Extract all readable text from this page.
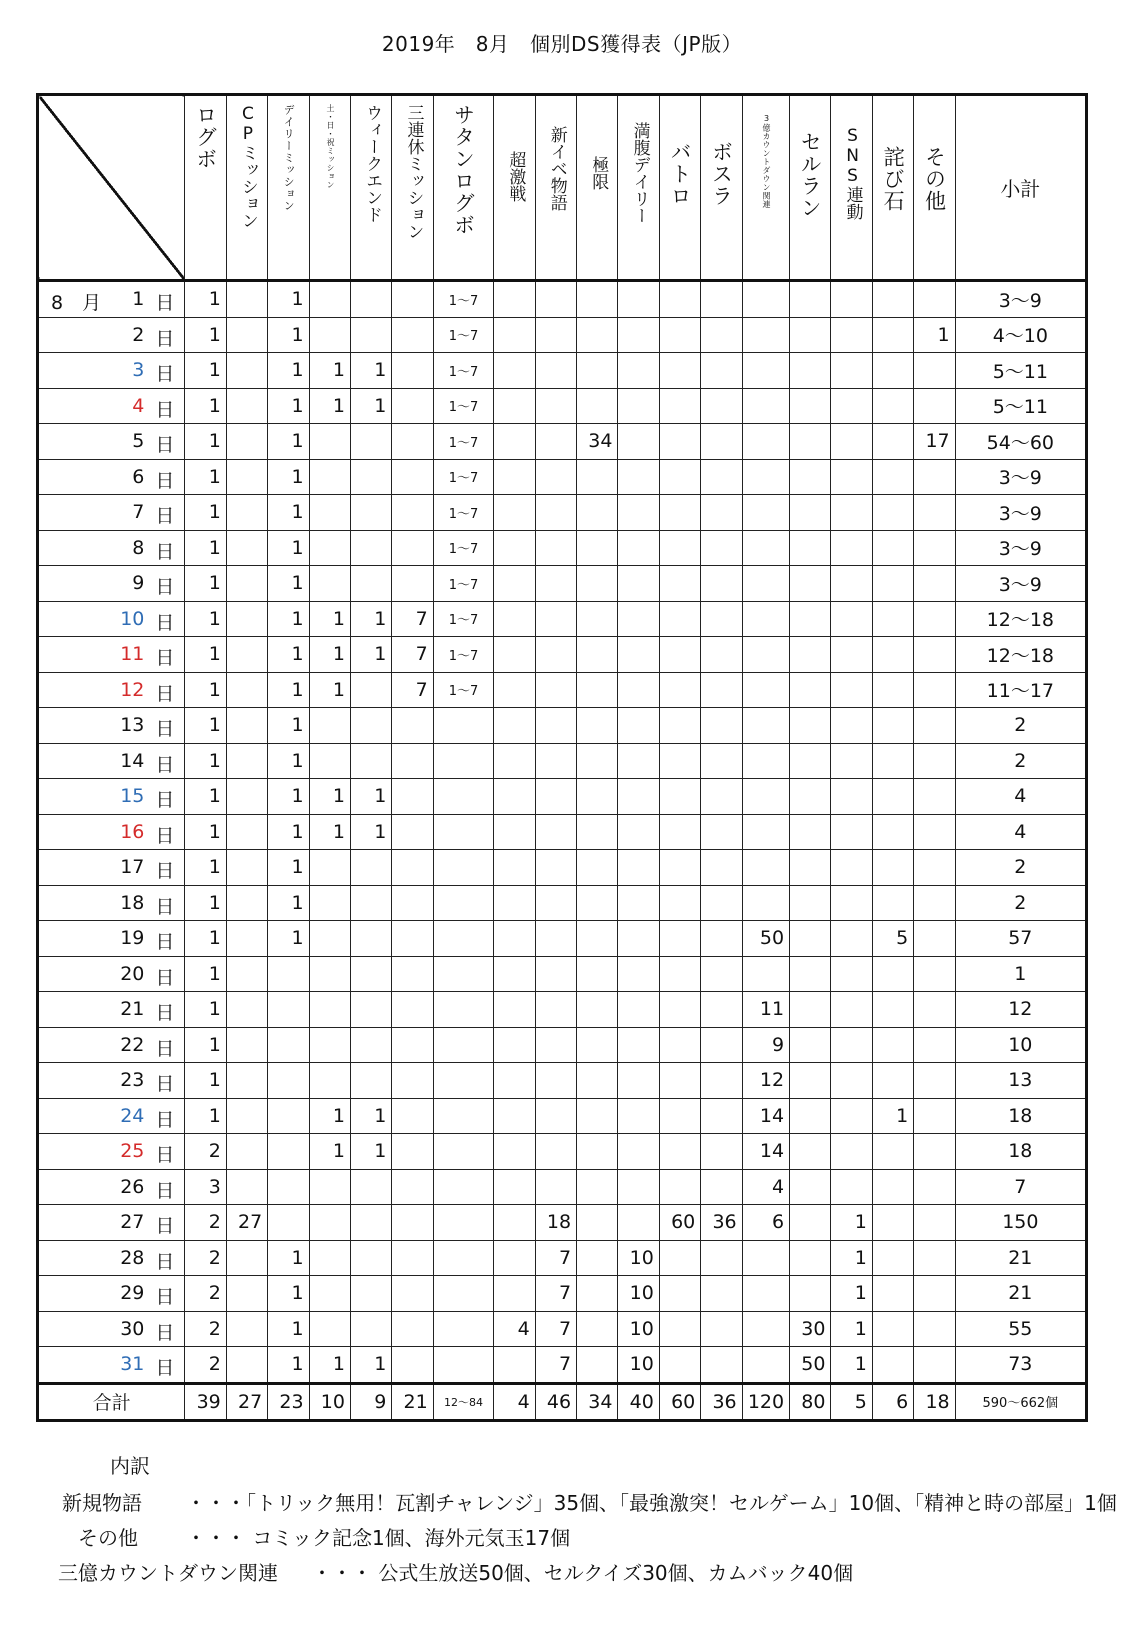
2019年　8月　個別DS獲得表（JP版）
	ログボ	CPミッション	デイリーミッション	土・日・祝ミッション	ウィークエンド	三連休ミッション	サタンログボ	超激戦	新イベ物語	極限	満腹デイリー	バトロ	ボスラ	3億カウントダウン関連	セルラン	SNS連動	詫び石	その他	小計

8　月 1 日	1		1				1～7												3～9

2 日	1		1				1～7											1	4～10

3 日	1		1	1	1		1～7												5～11

4 日	1		1	1	1		1～7												5～11

5 日	1		1				1～7			34								17	54～60

6 日	1		1				1～7												3～9

7 日	1		1				1～7												3～9

8 日	1		1				1～7												3～9

9 日	1		1				1～7												3～9

10 日	1		1	1	1	7	1～7												12～18

11 日	1		1	1	1	7	1～7												12～18

12 日	1		1	1		7	1～7												11～17

13 日	1		1																2

14 日	1		1																2

15 日	1		1	1	1														4

16 日	1		1	1	1														4

17 日	1		1																2

18 日	1		1																2

19 日	1		1											50			5		57

20 日	1																		1

21 日	1													11					12

22 日	1													9					10

23 日	1													12					13

24 日	1			1	1									14			1		18

25 日	2			1	1									14					18

26 日	3													4					7

27 日	2	27							18			60	36	6		1			150

28 日	2		1						7		10					1			21

29 日	2		1						7		10					1			21

30 日	2		1					4	7		10				30	1			55

31 日	2		1	1	1				7		10				50	1			73
合計	39	27	23	10	9	21	12～84	4	46	34	40	60	36	120	80	5	6	18	590～662個
内訳
新規物語 ・・・「トリック無用！瓦割チャレンジ」35個、「最強激突！セルゲーム」10個、「精神と時の部屋」1個
その他 ・・・ コミック記念1個、海外元気玉17個
三億カウントダウン関連 ・・・ 公式生放送50個、セルクイズ30個、カムバック40個
